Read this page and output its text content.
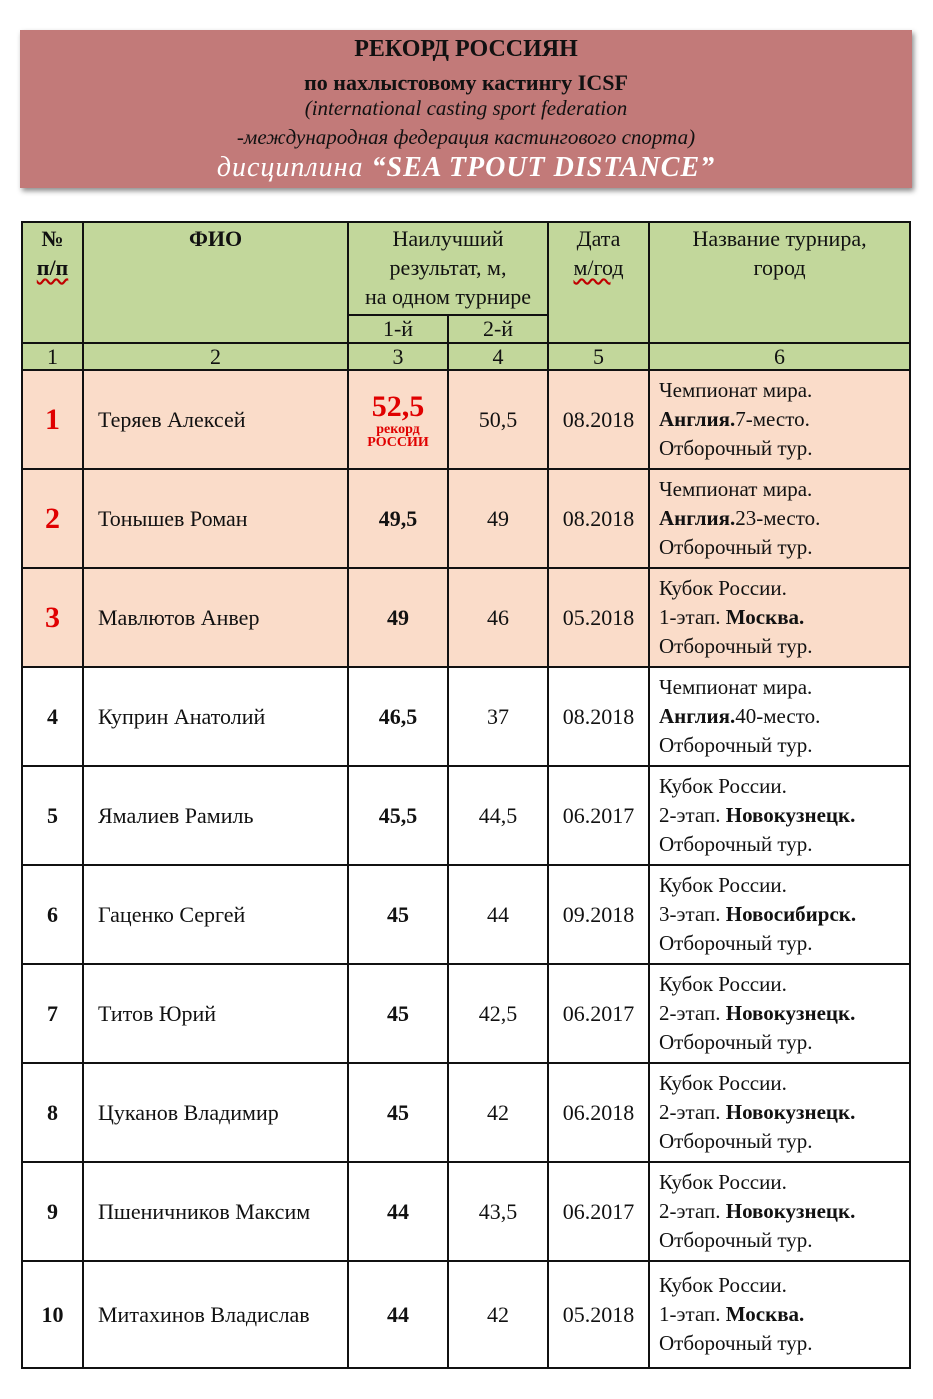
РЕКОРД РОССИЯН
по нахлыстовому кастингу ICSF
(international casting sport federation
-международная федерация кастингового спорта)
дисциплина “SEA TPOUT DISTANCE”
№
п/п	ФИО	Наилучший
результат, м,
на одном турнире		Дата
м/год	Название турнира,
город
		1-й	2-й		
1	2	3	4	5	6
1	Теряев Алексей	52,5
рекорд
РОССИИ	50,5	08.2018	Чемпионат мира.
Англия.7-место.
Отборочный тур.
2	Тонышев Роман	49,5	49	08.2018	Чемпионат мира.
Англия.23-место.
Отборочный тур.
3	Мавлютов Анвер	49	46	05.2018	Кубок России.
1-этап. Москва.
Отборочный тур.
4	Куприн Анатолий	46,5	37	08.2018	Чемпионат мира.
Англия.40-место.
Отборочный тур.
5	Ямалиев Рамиль	45,5	44,5	06.2017	Кубок России.
2-этап. Новокузнецк.
Отборочный тур.
6	Гаценко Сергей	45	44	09.2018	Кубок России.
3-этап. Новосибирск.
Отборочный тур.
7	Титов Юрий	45	42,5	06.2017	Кубок России.
2-этап. Новокузнецк.
Отборочный тур.
8	Цуканов Владимир	45	42	06.2018	Кубок России.
2-этап. Новокузнецк.
Отборочный тур.
9	Пшеничников Максим	44	43,5	06.2017	Кубок России.
2-этап. Новокузнецк.
Отборочный тур.
10	Митахинов Владислав	44	42	05.2018	Кубок России.
1-этап. Москва.
Отборочный тур.
